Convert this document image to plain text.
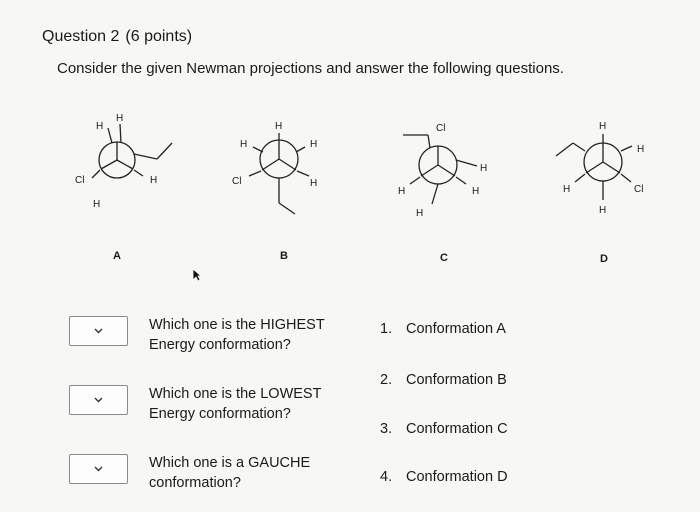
Question 2 (6 points)
Consider the given Newman projections and answer the following questions.
H
H
Cl	H
H
H
H	H
Cl	H
Cl
H
H	H
H
H
H
H	Cl
H
A	B	C	D
Which one is the HIGHEST
Energy conformation?
Which one is the LOWEST
Energy conformation?
Which one is a GAUCHE
conformation?
1. Conformation A
2. Conformation B
3. Conformation C
4. Conformation D
